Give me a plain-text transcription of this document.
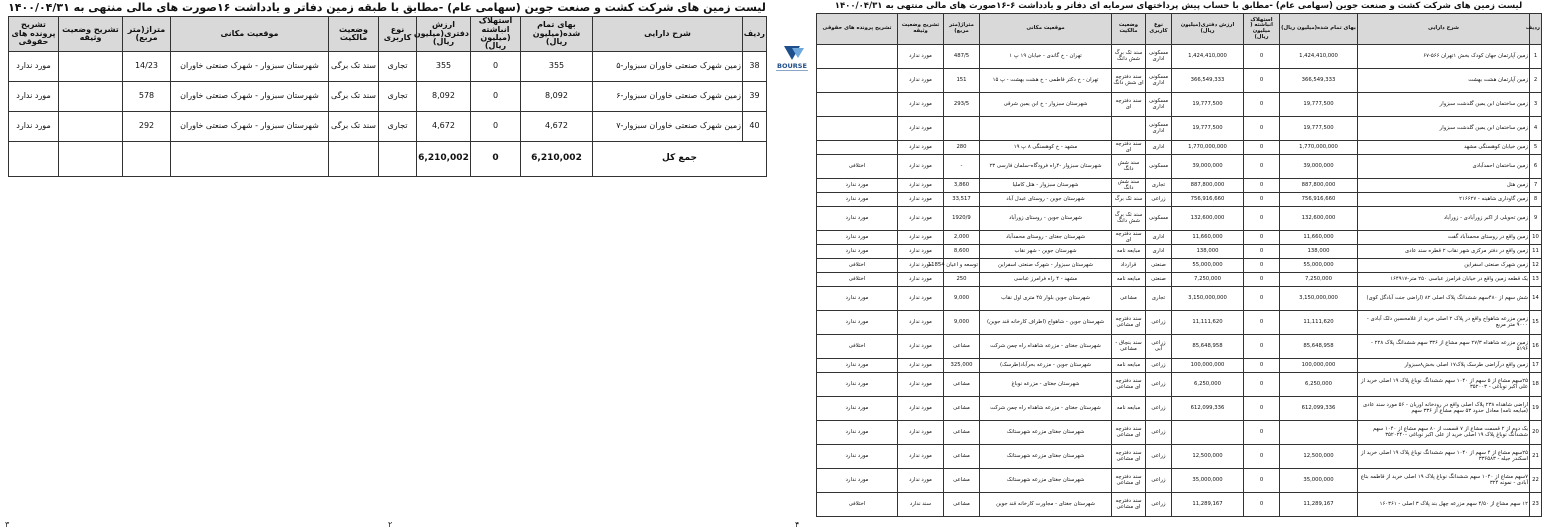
لیست زمین های شرکت کشت و صنعت جوین (سهامی عام) -مطابق با حساب پیش پرداختهای سرمایه ای دفاتر و یادداشت ۶-۱۶صورت های مالی منتهی به ۱۴۰۰/۰۴/۳۱
ردیف	شرح دارایی	بهای تمام شده(میلیون ریال)	استهلاک انباشته ( میلیون ریال)	ارزش دفتری(میلیون ریال)	نوع کاربری	وضعیت مالکیت	موقعیت مکانی	متراژ(متر مربع)	تشریح وضعیت وثیقه	تشریح پرونده های حقوقی
1	زمین آپارتمان جهان کودک بخش ۱تهران ۵۶۶-۶۷	1,424,410,000	0	1,424,410,000	مسکونی اداری	سند تک برگ شش دانگ	تهران - خ گاندی - خیابان ۱۹ پ ۱	487/5	مورد ندارد	
2	زمین آپارتمان هشت بهشت	366,549,333	0	366,549,333	مسکونی اداری	سند دفترچه ای شش دانگ	تهران - خ دکتر فاطمی - خ هشت بهشت - پ ۱۵	151	مورد ندارد	
3	زمین ساختمان ابن یمین گلدشت سبزوار	19,777,500	0	19,777,500	مسکونی اداری	سند دفترچه ای	شهرستان سبزوار - خ ابن یمین شرقی	293/5	مورد ندارد	
4	زمین ساختمان ابن یمین گلدشت سبزوار	19,777,500	0	19,777,500	مسکونی اداری				مورد ندارد	
5	زمین خیابان کوهسنگی مشهد	1,770,000,000	0	1,770,000,000	اداری	سند دفترچه ای	مشهد - خ کوهسنگی ۸ پ ۱۹	280	مورد ندارد	
6	زمین ساختمان احمدآبادی	39,000,000	0	39,000,000	مسکونی	سند شش دانگ	شهرستان سبزوار -۴راه فرودگاه-سلمان فارسی ۲۳	-	مورد ندارد	اختلافی
7	زمین هتل	887,800,000	0	887,800,000	تجاری	سند شش دانگ	شهرستان سبزوار - هتل کاملیا	3,860	مورد ندارد	مورد ندارد
8	زمین گاوداری شاهینه - ۲۱۶۶۲۷	756,916,660	0	756,916,660	زراعی	سند تک برگ	شهرستان جوین - روستای عبدل آباد	33,517	مورد ندارد	مورد ندارد
9	زمین تحویلی از اکبر زورآبادی - زورآباد	132,600,000	0	132,600,000	مسکونی	سند تک برگ شش دانگ	شهرستان جوین - روستای زورآباد	1920/9	مورد ندارد	مورد ندارد
10	زمین واقع در روستای محمدآباد گفت	11,660,000	0	11,660,000	اداری	سند دفترچه ای	شهرستان جغتای - روستای محمدآباد	2,000	مورد ندارد	مورد ندارد
11	زمین واقع در دفتر مرکزی شهر نقاب ۲ قطره سند عادی	138,000	0	138,000	اداری	مبایعه نامه	شهرستان جوین - شهر نقاب	8,600	مورد ندارد	مورد ندارد
12	زمین شهرک صنعتی اسفراین	55,000,000	0	55,000,000	صنعتی	قرارداد	شهرستان سبزوار - شهرک صنعتی اسفراین	توسعه و اعیان 11854	مورد ندارد	اختلافی
13	یک قطعه زمین واقع در خیابان فرامرز عباسی ۲۵۰ متر-۱۶۴۹۱۷	7,250,000	0	7,250,000	صنعتی	مبایعه نامه	مشهد - ۴ راه فرامرز عباسی	250	مورد ندارد	اختلافی
14	شش سهم از ۴۸۰سهم ششدانگ پلاک اصلی ۸۲ (اراضی جنت آبادگل کوی)	3,150,000,000	0	3,150,000,000	تجاری	مشاعی	شهرستان جوین بلوار ۴۵ متری اول نقاب	9,000	مورد ندارد	مورد ندارد
15	زمین مزرعه شاهواج واقع در پلاک ۲ اصلی خرید از غلامحسین دلک آبادی - ۹۰۰۰ متر مربع	11,111,620	0	11,111,620	زراعی	سند دفترچه ای مشاعی	شهرستان جوین - شاهواج (اطراف کارخانه قند جوین)	9,000	مورد ندارد	مورد ندارد
16	زمین مزرعه شاهداه ۲۷/۳ سهم مشاع از ۳۳۶ سهم ششدانگ پلاک ۲۲۸ - ۵۱۹۶	85,648,958	0	85,648,958	زراعی آبی	سند بنچاق - مشاعی	شهرستان جغتای - مزرعه شاهداه راه چمن شرکت	مشاعی	مورد ندارد	اختلافی
17	زمین واقع درآراضی طرسک پلاک۱۷ اصلی بخش۸سبزوار	100,000,000	0	100,000,000	زراعی	مبایعه نامه	شهرستان جوین - مزرعه بحرآباد(طرسک)	325,000	مورد ندارد	مورد ندارد
18	۲۵سهم مشاع از ۵ سهم از ۱۰۴۰ سهم ششدانگ نوباغ پلاک ۱۹ اصلی خرید از علی اکبر نوباغی - ۳۵۲۰۰۳	6,250,000	0	6,250,000	زراعی	سند دفترچه ای مشاعی	شهرستان جغتای - مزرعه نوباغ	مشاعی	مورد ندارد	مورد ندارد
19	اراضی شاهداه ۲۳۸ پلاک اصلی واقع در رودخانه اوریان - ۵۶ مورد سند عادی (مبایعه نامه) معادل حدود ۵۳ سهم مشاع از ۳۳۶ سهم	612,099,336	0	612,099,336	زراعی	مبایعه نامه	شهرستان جغتای - مزرعه شاهداه راه چمن شرکت	مشاعی	مورد ندارد	مورد ندارد
20	یک دوم از ۲ قسمت مشاع از ۷ قسمت از ۸۰ سهم مشاع از ۱۰۴۰ سهم ششدانگ نوباغ پلاک ۱۹ اصلی خرید از علی اکبر نوباغی -۳۵۲۰۲۴۰		0		زراعی	سند دفترچه ای مشاعی	شهرستان جغتای مزرعه شهرستانک	مشاعی	مورد ندارد	مورد ندارد
21	۲۵سهم مشاع از ۴ سهم از ۱۰۴۰ سهم ششدانگ نوباغ پلاک ۱۹ اصلی خرید از اسکندر جیله - ۳۳۶۵۸۳	12,500,000	0	12,500,000	زراعی	سند دفترچه ای مشاعی	شهرستان جغتای مزرعه شهرستانک	مشاعی	مورد ندارد	مورد ندارد
22	۷سهم مشاع از ۱۰۴۰ سهم ششدانگ نوباغ پلاک ۱۹ اصلی خرید از قاطمه بتاع آبادی - نمونه ۳۲۴	35,000,000	0	35,000,000	زراعی	سند دفترچه ای مشاعی	شهرستان جغتای مزرعه شهرستانک	مشاعی	مورد ندارد	مورد ندارد
23	۱۲ سهم مشاع از ۴/۵۰ سهم مزرعه چهل بند پلاک ۳ اصلی - ۱۶۰۳۶۱	11,289,167	0	11,289,167	زراعی	سند دفترچه ای مشاعی	شهرستان جغتای - مجاورت کارخانه قند جوین	مشاعی	سند ندارد	اختلافی
BOURSE
لیست زمین های شرکت کشت و صنعت جوین (سهامی عام) -مطابق با طبقه زمین دفاتر و یادداشت ۱۶صورت های مالی منتهی به ۱۴۰۰/۰۴/۳۱
ردیف	شرح دارایی	بهای تمام شده(میلیون ریال)	استهلاک انباشته (میلیون ریال)	ارزش دفتری(میلیون ریال)	نوع کاربری	وضعیت مالکیت	موقعیت مکانی	متراژ(متر مربع)	تشریح وضعیت وثیقه	تشریح پرونده های حقوقی
38	زمین شهرک صنعتی خاوران سبزوار-۵	355	0	355	تجاری	سند تک برگی	شهرستان سبزوار - شهرک صنعتی خاوران	14/23		مورد ندارد
39	زمین شهرک صنعتی خاوران سبزوار-۶	8,092	0	8,092	تجاری	سند تک برگی	شهرستان سبزوار - شهرک صنعتی خاوران	578		مورد ندارد
40	زمین شهرک صنعتی خاوران سبزوار-۷	4,672	0	4,672	تجاری	سند تک برگی	شهرستان سبزوار - شهرک صنعتی خاوران	292		مورد ندارد
جمع کل		6,210,002	0	6,210,002						
۳	۲	۴
